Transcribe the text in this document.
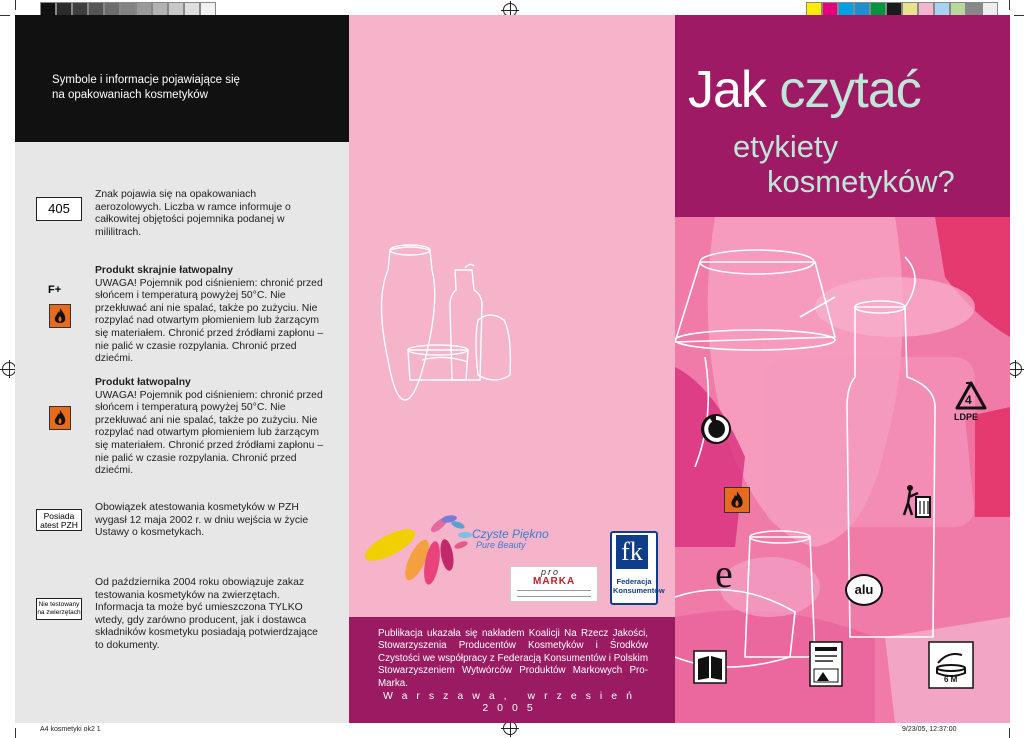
Symbole i informacje pojawiające się na opakowaniach kosmetyków
405
Znak pojawia się na opakowaniach aerozolowych. Liczba w ramce informuje o całkowitej objętości pojemnika podanej w mililitrach.
F+
Produkt skrajnie łatwopalny
UWAGA! Pojemnik pod ciśnieniem: chronić przed słońcem i temperaturą powyżej 50°C. Nie przekłuwać ani nie spalać, także po zużyciu. Nie rozpylać nad otwartym płomieniem lub żarzącym się materiałem. Chronić przed źródłami zapłonu – nie palić w czasie rozpylania. Chronić przed dziećmi.
Produkt łatwopalny
UWAGA! Pojemnik pod ciśnieniem: chronić przed słońcem i temperaturą powyżej 50°C. Nie przekłuwać ani nie spalać, także po zużyciu. Nie rozpylać nad otwartym płomieniem lub żarzącym się materiałem. Chronić przed źródłami zapłonu – nie palić w czasie rozpylania. Chronić przed dziećmi.
Posiada atest PZH
Obowiązek atestowania kosmetyków w PZH wygasł 12 maja 2002 r. w dniu wejścia w życie Ustawy o kosmetykach.
Nie testowany na zwierzętach
Od października 2004 roku obowiązuje zakaz testowania kosmetyków na zwierzętach. Informacja ta może być umieszczona TYLKO wtedy, gdy zarówno producent, jak i dostawca składników kosmetyku posiadają potwierdzające to dokumenty.
Czyste Piękno
Pure Beauty
pro
MARKA
fk
Federacja Konsumentów
Publikacja ukazała się nakładem Koalicji Na Rzecz Jakości, Stowarzyszenia Producentów Kosmetyków i Środków Czystości we współpracy z Federacją Konsumentów i Polskim Stowarzyszeniem Wytwórców Produktów Markowych Pro-Marka.
Warszawa, wrzesień 2005
Jak czytać
etykiety
kosmetyków?
4
LDPE
e	alu
6 M
A4 kosmetyki ok2 1	9/23/05, 12:37:00
